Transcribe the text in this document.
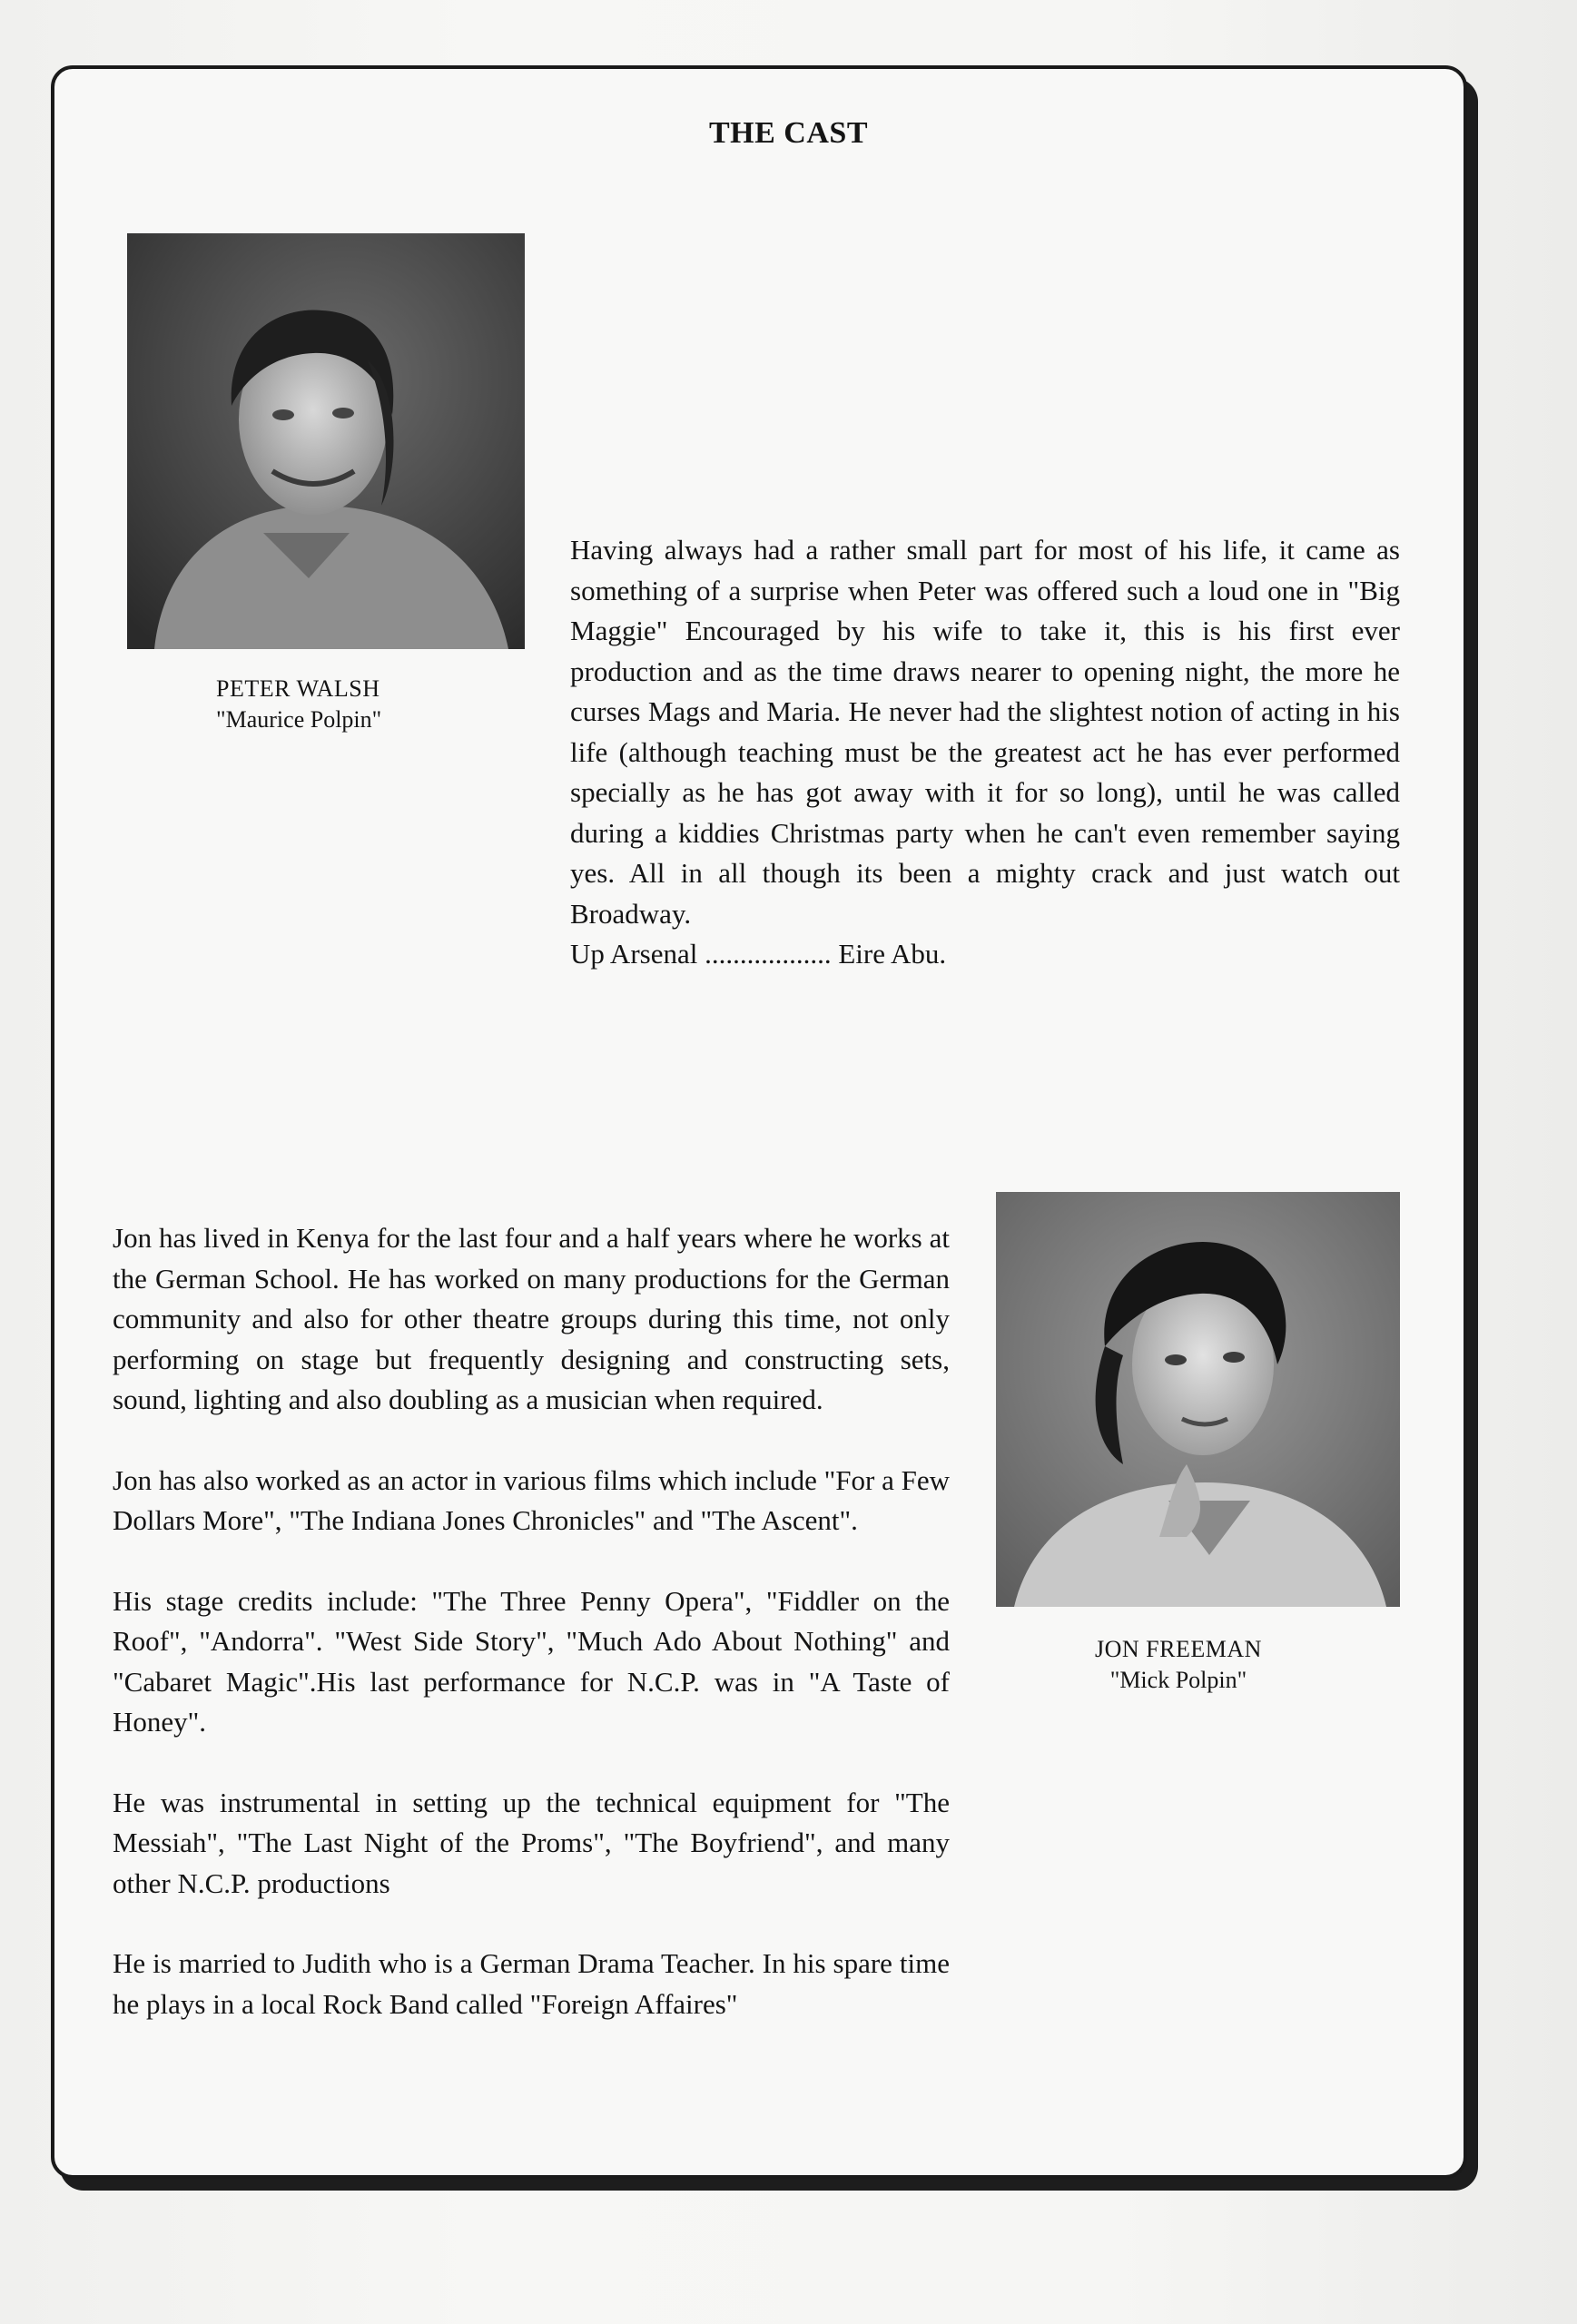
THE CAST
PETER WALSH
"Maurice Polpin"

Having always had a rather small part for most of his life, it came as something of a surprise when Peter was offered such a loud one in "Big Maggie" Encouraged by his wife to take it, this is his first ever production and as the time draws nearer to opening night, the more he curses Mags and Maria. He never had the slightest notion of acting in his life (although teaching must be the greatest act he has ever performed specially as he has got away with it for so long), until he was called during a kiddies Christmas party when he can't even remember saying yes. All in all though its been a mighty crack and just watch out Broadway.

Up Arsenal .................. Eire Abu.

JON FREEMAN
"Mick Polpin"

Jon has lived in Kenya for the last four and a half years where he works at the German School. He has worked on many productions for the German community and also for other theatre groups during this time, not only performing on stage but frequently designing and constructing sets, sound, lighting and also doubling as a musician when required.

Jon has also worked as an actor in various films which include "For a Few Dollars More", "The Indiana Jones Chronicles" and "The Ascent".

His stage credits include: "The Three Penny Opera", "Fiddler on the Roof", "Andorra". "West Side Story", "Much Ado About Nothing" and "Cabaret Magic".His last performance for N.C.P. was in "A Taste of Honey".

He was instrumental in setting up the technical equipment for "The Messiah", "The Last Night of the Proms", "The Boyfriend", and many other N.C.P. productions

He is married to Judith who is a German Drama Teacher. In his spare time he plays in a local Rock Band called "Foreign Affaires"
